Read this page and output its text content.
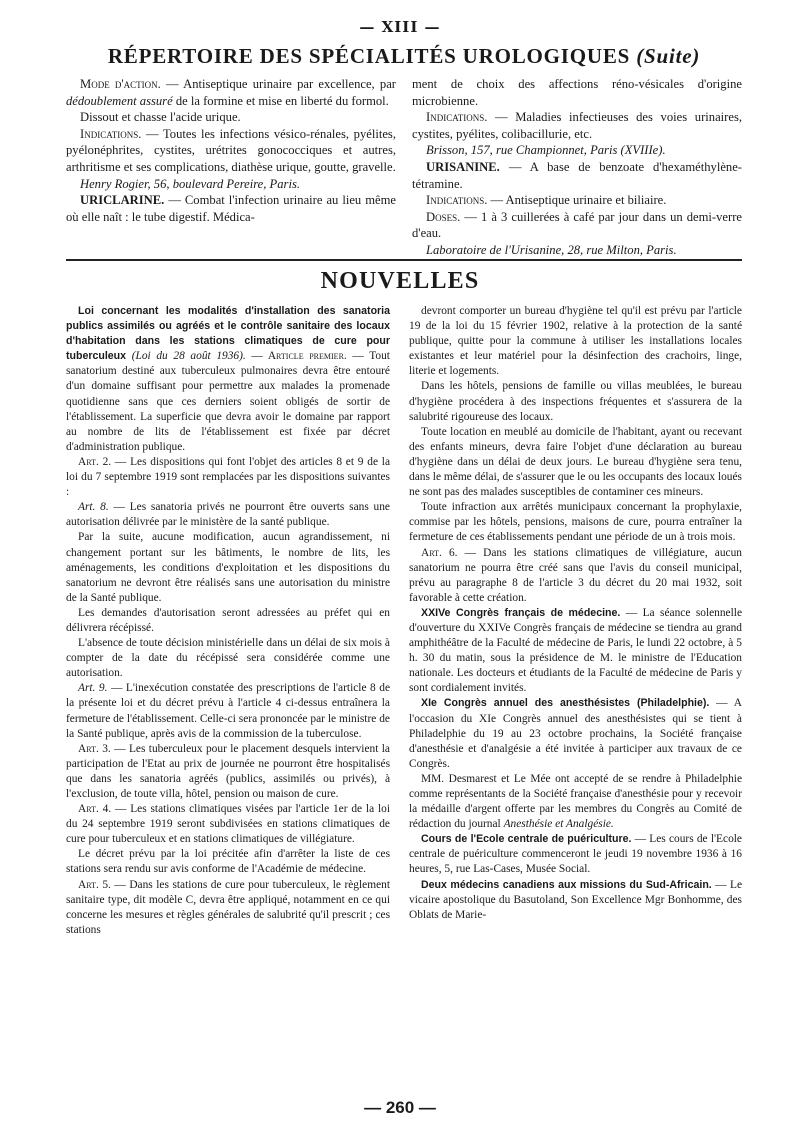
— XIII —
RÉPERTOIRE DES SPÉCIALITÉS UROLOGIQUES (Suite)

Mode d'action. — Antiseptique urinaire par excellence, par dédoublement assuré de la formine et mise en liberté du formol.

Dissout et chasse l'acide urique.

Indications. — Toutes les infections vésico-rénales, pyélites, pyélonéphrites, cystites, urétrites gonococciques et autres, arthritisme et ses complications, diathèse urique, goutte, gravelle.

Henry Rogier, 56, boulevard Pereire, Paris.

URICLARINE. — Combat l'infection urinaire au lieu même où elle naît : le tube digestif. Médica-

ment de choix des affections réno-vésicales d'origine microbienne.

Indications. — Maladies infectieuses des voies urinaires, cystites, pyélites, colibacillurie, etc.

Brisson, 157, rue Championnet, Paris (XVIIIe).

URISANINE. — A base de benzoate d'hexaméthylène-tétramine.

Indications. — Antiseptique urinaire et biliaire.

Doses. — 1 à 3 cuillerées à café par jour dans un demi-verre d'eau.

Laboratoire de l'Urisanine, 28, rue Milton, Paris.

NOUVELLES

Loi concernant les modalités d'installation des sanatoria publics assimilés ou agréés et le contrôle sanitaire des locaux d'habitation dans les stations climatiques de cure pour tuberculeux (Loi du 28 août 1936). — Article premier. — Tout sanatorium destiné aux tuberculeux pulmonaires devra être entouré d'un domaine suffisant pour permettre aux malades la promenade quotidienne sans que ces derniers soient obligés de sortir de l'établissement. La superficie que devra avoir le domaine par rapport au nombre de lits de l'établissement est fixée par décret d'administration publique.

Art. 2. — Les dispositions qui font l'objet des articles 8 et 9 de la loi du 7 septembre 1919 sont remplacées par les dispositions suivantes :

Art. 8. — Les sanatoria privés ne pourront être ouverts sans une autorisation délivrée par le ministère de la santé publique.

Par la suite, aucune modification, aucun agrandissement, ni changement portant sur les bâtiments, le nombre de lits, les aménagements, les conditions d'exploitation et les dispositions du sanatorium ne devront être réalisés sans une autorisation du ministre de la Santé publique.

Les demandes d'autorisation seront adressées au préfet qui en délivrera récépissé.

L'absence de toute décision ministérielle dans un délai de six mois à compter de la date du récépissé sera considérée comme une autorisation.

Art. 9. — L'inexécution constatée des prescriptions de l'article 8 de la présente loi et du décret prévu à l'article 4 ci-dessus entraînera la fermeture de l'établissement. Celle-ci sera prononcée par le ministre de la Santé publique, après avis de la commission de la tuberculose.

Art. 3. — Les tuberculeux pour le placement desquels intervient la participation de l'Etat au prix de journée ne pourront être hospitalisés que dans les sanatoria agréés (publics, assimilés ou privés), à l'exclusion, de toute villa, hôtel, pension ou maison de cure.

Art. 4. — Les stations climatiques visées par l'article 1er de la loi du 24 septembre 1919 seront subdivisées en stations climatiques de cure pour tuberculeux et en stations climatiques de villégiature.

Le décret prévu par la loi précitée afin d'arrêter la liste de ces stations sera rendu sur avis conforme de l'Académie de médecine.

Art. 5. — Dans les stations de cure pour tuberculeux, le règlement sanitaire type, dit modèle C, devra être appliqué, notamment en ce qui concerne les mesures et règles générales de salubrité qu'il prescrit ; ces stations

devront comporter un bureau d'hygiène tel qu'il est prévu par l'article 19 de la loi du 15 février 1902, relative à la protection de la santé publique, quitte pour la commune à utiliser les installations locales existantes et leur matériel pour la désinfection des crachoirs, linge, literie et logements.

Dans les hôtels, pensions de famille ou villas meublées, le bureau d'hygiène procédera à des inspections fréquentes et s'assurera de la salubrité rigoureuse des locaux.

Toute location en meublé au domicile de l'habitant, ayant ou recevant des enfants mineurs, devra faire l'objet d'une déclaration au bureau d'hygiène dans un délai de deux jours. Le bureau d'hygiène sera tenu, dans le même délai, de s'assurer que le ou les occupants des locaux loués ne sont pas des malades susceptibles de contaminer ces mineurs.

Toute infraction aux arrêtés municipaux concernant la prophylaxie, commise par les hôtels, pensions, maisons de cure, pourra entraîner la fermeture de ces établissements pendant une période de un à trois mois.

Art. 6. — Dans les stations climatiques de villégiature, aucun sanatorium ne pourra être créé sans que l'avis du conseil municipal, prévu au paragraphe 8 de l'article 3 du décret du 20 mai 1932, soit favorable à cette création.

XXIVe Congrès français de médecine. — La séance solennelle d'ouverture du XXIVe Congrès français de médecine se tiendra au grand amphithéâtre de la Faculté de médecine de Paris, le lundi 22 octobre, à 5 h. 30 du matin, sous la présidence de M. le ministre de l'Education nationale. Les docteurs et étudiants de la Faculté de médecine de Paris y sont cordialement invités.

XIe Congrès annuel des anesthésistes (Philadelphie). — A l'occasion du XIe Congrès annuel des anesthésistes qui se tient à Philadelphie du 19 au 23 octobre prochains, la Société française d'anesthésie et d'analgésie a été invitée à participer aux travaux de ce Congrès.

MM. Desmarest et Le Mée ont accepté de se rendre à Philadelphie comme représentants de la Société française d'anesthésie pour y recevoir la médaille d'argent offerte par les membres du Congrès au Comité de rédaction du journal Anesthésie et Analgésie.

Cours de l'Ecole centrale de puériculture. — Les cours de l'Ecole centrale de puériculture commenceront le jeudi 19 novembre 1936 à 16 heures, 5, rue Las-Cases, Musée Social.

Deux médecins canadiens aux missions du Sud-Africain. — Le vicaire apostolique du Basutoland, Son Excellence Mgr Bonhomme, des Oblats de Marie-

— 260 —
